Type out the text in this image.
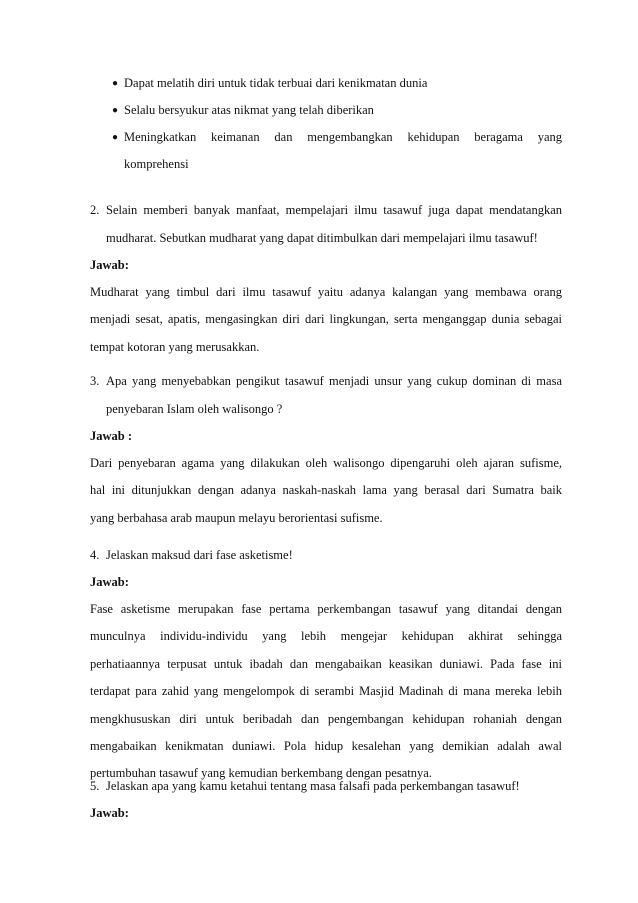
● Dapat melatih diri untuk tidak terbuai dari kenikmatan dunia
● Selalu bersyukur atas nikmat yang telah diberikan
● Meningkatkan keimanan dan mengembangkan kehidupan beragama yang
komprehensi
2. Selain memberi banyak manfaat, mempelajari ilmu tasawuf juga dapat mendatangkan
mudharat. Sebutkan mudharat yang dapat ditimbulkan dari mempelajari ilmu tasawuf!
Jawab:
Mudharat yang timbul dari ilmu tasawuf yaitu adanya kalangan yang membawa orang
menjadi sesat, apatis, mengasingkan diri dari lingkungan, serta menganggap dunia sebagai
tempat kotoran yang merusakkan.
3. Apa yang menyebabkan pengikut tasawuf menjadi unsur yang cukup dominan di masa
penyebaran Islam oleh walisongo ?
Jawab :
Dari penyebaran agama yang dilakukan oleh walisongo dipengaruhi oleh ajaran sufisme,
hal ini ditunjukkan dengan adanya naskah-naskah lama yang berasal dari Sumatra baik
yang berbahasa arab maupun melayu berorientasi sufisme.
4. Jelaskan maksud dari fase asketisme!
Jawab:
Fase asketisme merupakan fase pertama perkembangan tasawuf yang ditandai dengan
munculnya individu-individu yang lebih mengejar kehidupan akhirat sehingga
perhatiaannya terpusat untuk ibadah dan mengabaikan keasikan duniawi. Pada fase ini
terdapat para zahid yang mengelompok di serambi Masjid Madinah di mana mereka lebih
mengkhususkan diri untuk beribadah dan pengembangan kehidupan rohaniah dengan
mengabaikan kenikmatan duniawi. Pola hidup kesalehan yang demikian adalah awal
pertumbuhan tasawuf yang kemudian berkembang dengan pesatnya.
5. Jelaskan apa yang kamu ketahui tentang masa falsafi pada perkembangan tasawuf!
Jawab:
